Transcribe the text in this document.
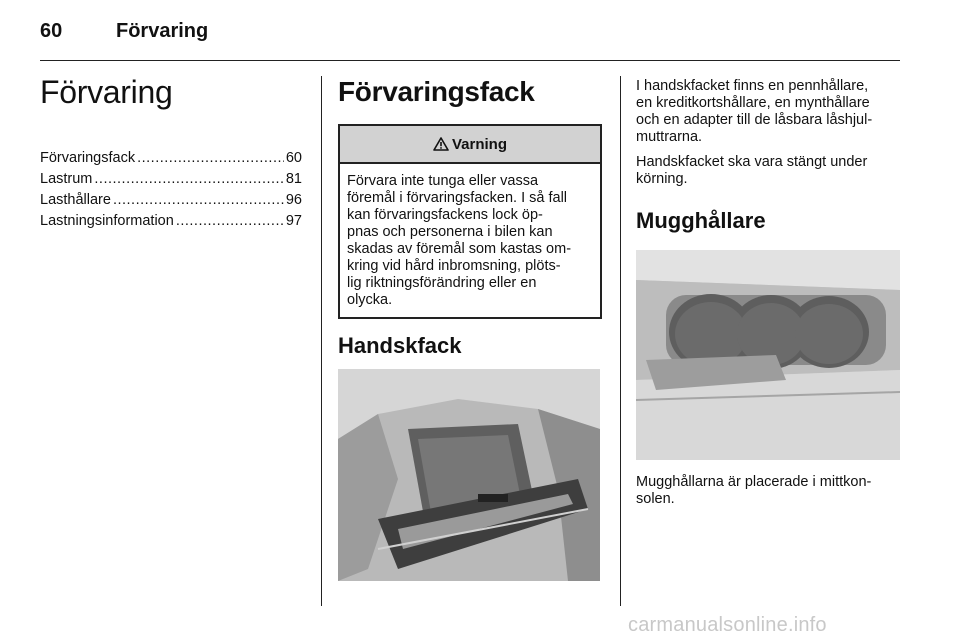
60	Förvaring
Förvaring
Förvaringsfack .....	60
Lastrum .....	81
Lasthållare .....	96
Lastningsinformation .....	97
Förvaringsfack
Varning
Förvara inte tunga eller vassa
föremål i förvaringsfacken. I så fall
kan förvaringsfackens lock öp-
pnas och personerna i bilen kan
skadas av föremål som kastas om-
kring vid hård inbromsning, plöts-
lig riktningsförändring eller en
olycka.
Handskfack
I handskfacket finns en pennhållare,
en kreditkortshållare, en mynthållare
och en adapter till de låsbara låshjul-
muttrarna.
Handskfacket ska vara stängt under
körning.
Mugghållare
Mugghållarna är placerade i mittkon-
solen.
carmanualsonline.info
